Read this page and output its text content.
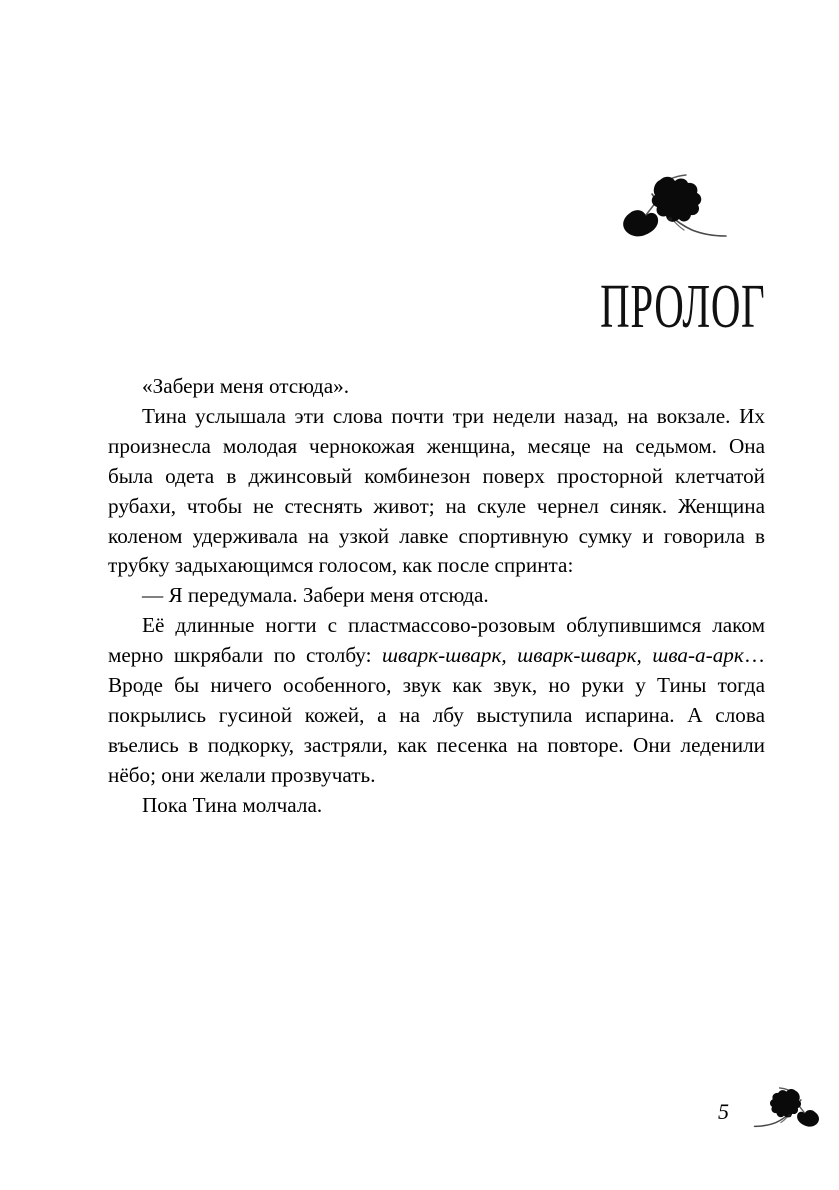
ПРОЛОГ

«Забери меня отсюда».

Тина услышала эти слова почти три недели назад, на вокзале. Их произнесла молодая чернокожая женщина, месяце на седьмом. Она была одета в джинсовый комбинезон поверх просторной клетчатой рубахи, чтобы не стеснять живот; на скуле чернел синяк. Женщина коленом удерживала на узкой лавке спортивную сумку и говорила в трубку задыхающимся голосом, как после спринта:

— Я передумала. Забери меня отсюда.

Её длинные ногти с пластмассово-розовым облупившимся лаком мерно шкрябали по столбу: шварк-шварк, шварк-шварк, шва-а-арк… Вроде бы ничего особенного, звук как звук, но руки у Тины тогда покрылись гусиной кожей, а на лбу выступила испарина. А слова въелись в подкорку, застряли, как песенка на повторе. Они леденили нёбо; они желали прозвучать.

Пока Тина молчала.

5
